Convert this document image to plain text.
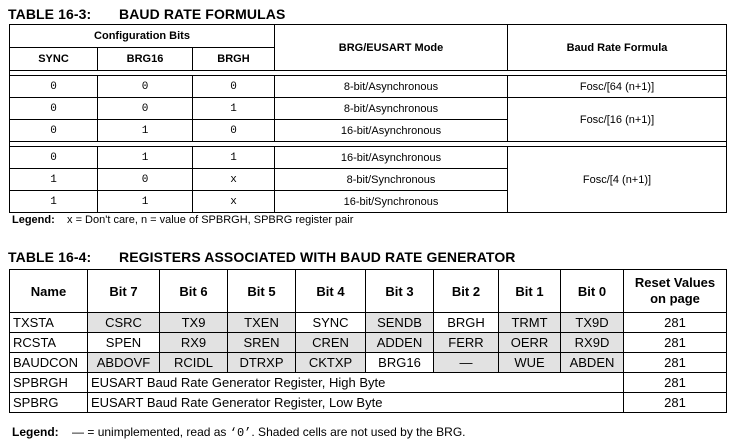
TABLE 16-3: BAUD RATE FORMULAS
Configuration Bits			BRG/EUSART Mode	Baud Rate Formula
SYNC	BRG16	BRGH		

0	0	0	8-bit/Asynchronous	Fosc/[64 (n+1)]
0	0	1	8-bit/Asynchronous	Fosc/[16 (n+1)]
0	1	0	16-bit/Asynchronous	

0	1	1	16-bit/Asynchronous	Fosc/[4 (n+1)]
1	0	x	8-bit/Synchronous	
1	1	x	16-bit/Synchronous	
Legend: x = Don't care, n = value of SPBRGH, SPBRG register pair
TABLE 16-4: REGISTERS ASSOCIATED WITH BAUD RATE GENERATOR
Name	Bit 7	Bit 6	Bit 5	Bit 4	Bit 3	Bit 2	Bit 1	Bit 0	Reset Values
on page
TXSTA	CSRC	TX9	TXEN	SYNC	SENDB	BRGH	TRMT	TX9D	281
RCSTA	SPEN	RX9	SREN	CREN	ADDEN	FERR	OERR	RX9D	281
BAUDCON	ABDOVF	RCIDL	DTRXP	CKTXP	BRG16	—	WUE	ABDEN	281
SPBRGH	EUSART Baud Rate Generator Register, High Byte								281
SPBRG	EUSART Baud Rate Generator Register, Low Byte								281
Legend: — = unimplemented, read as ‘0’. Shaded cells are not used by the BRG.
